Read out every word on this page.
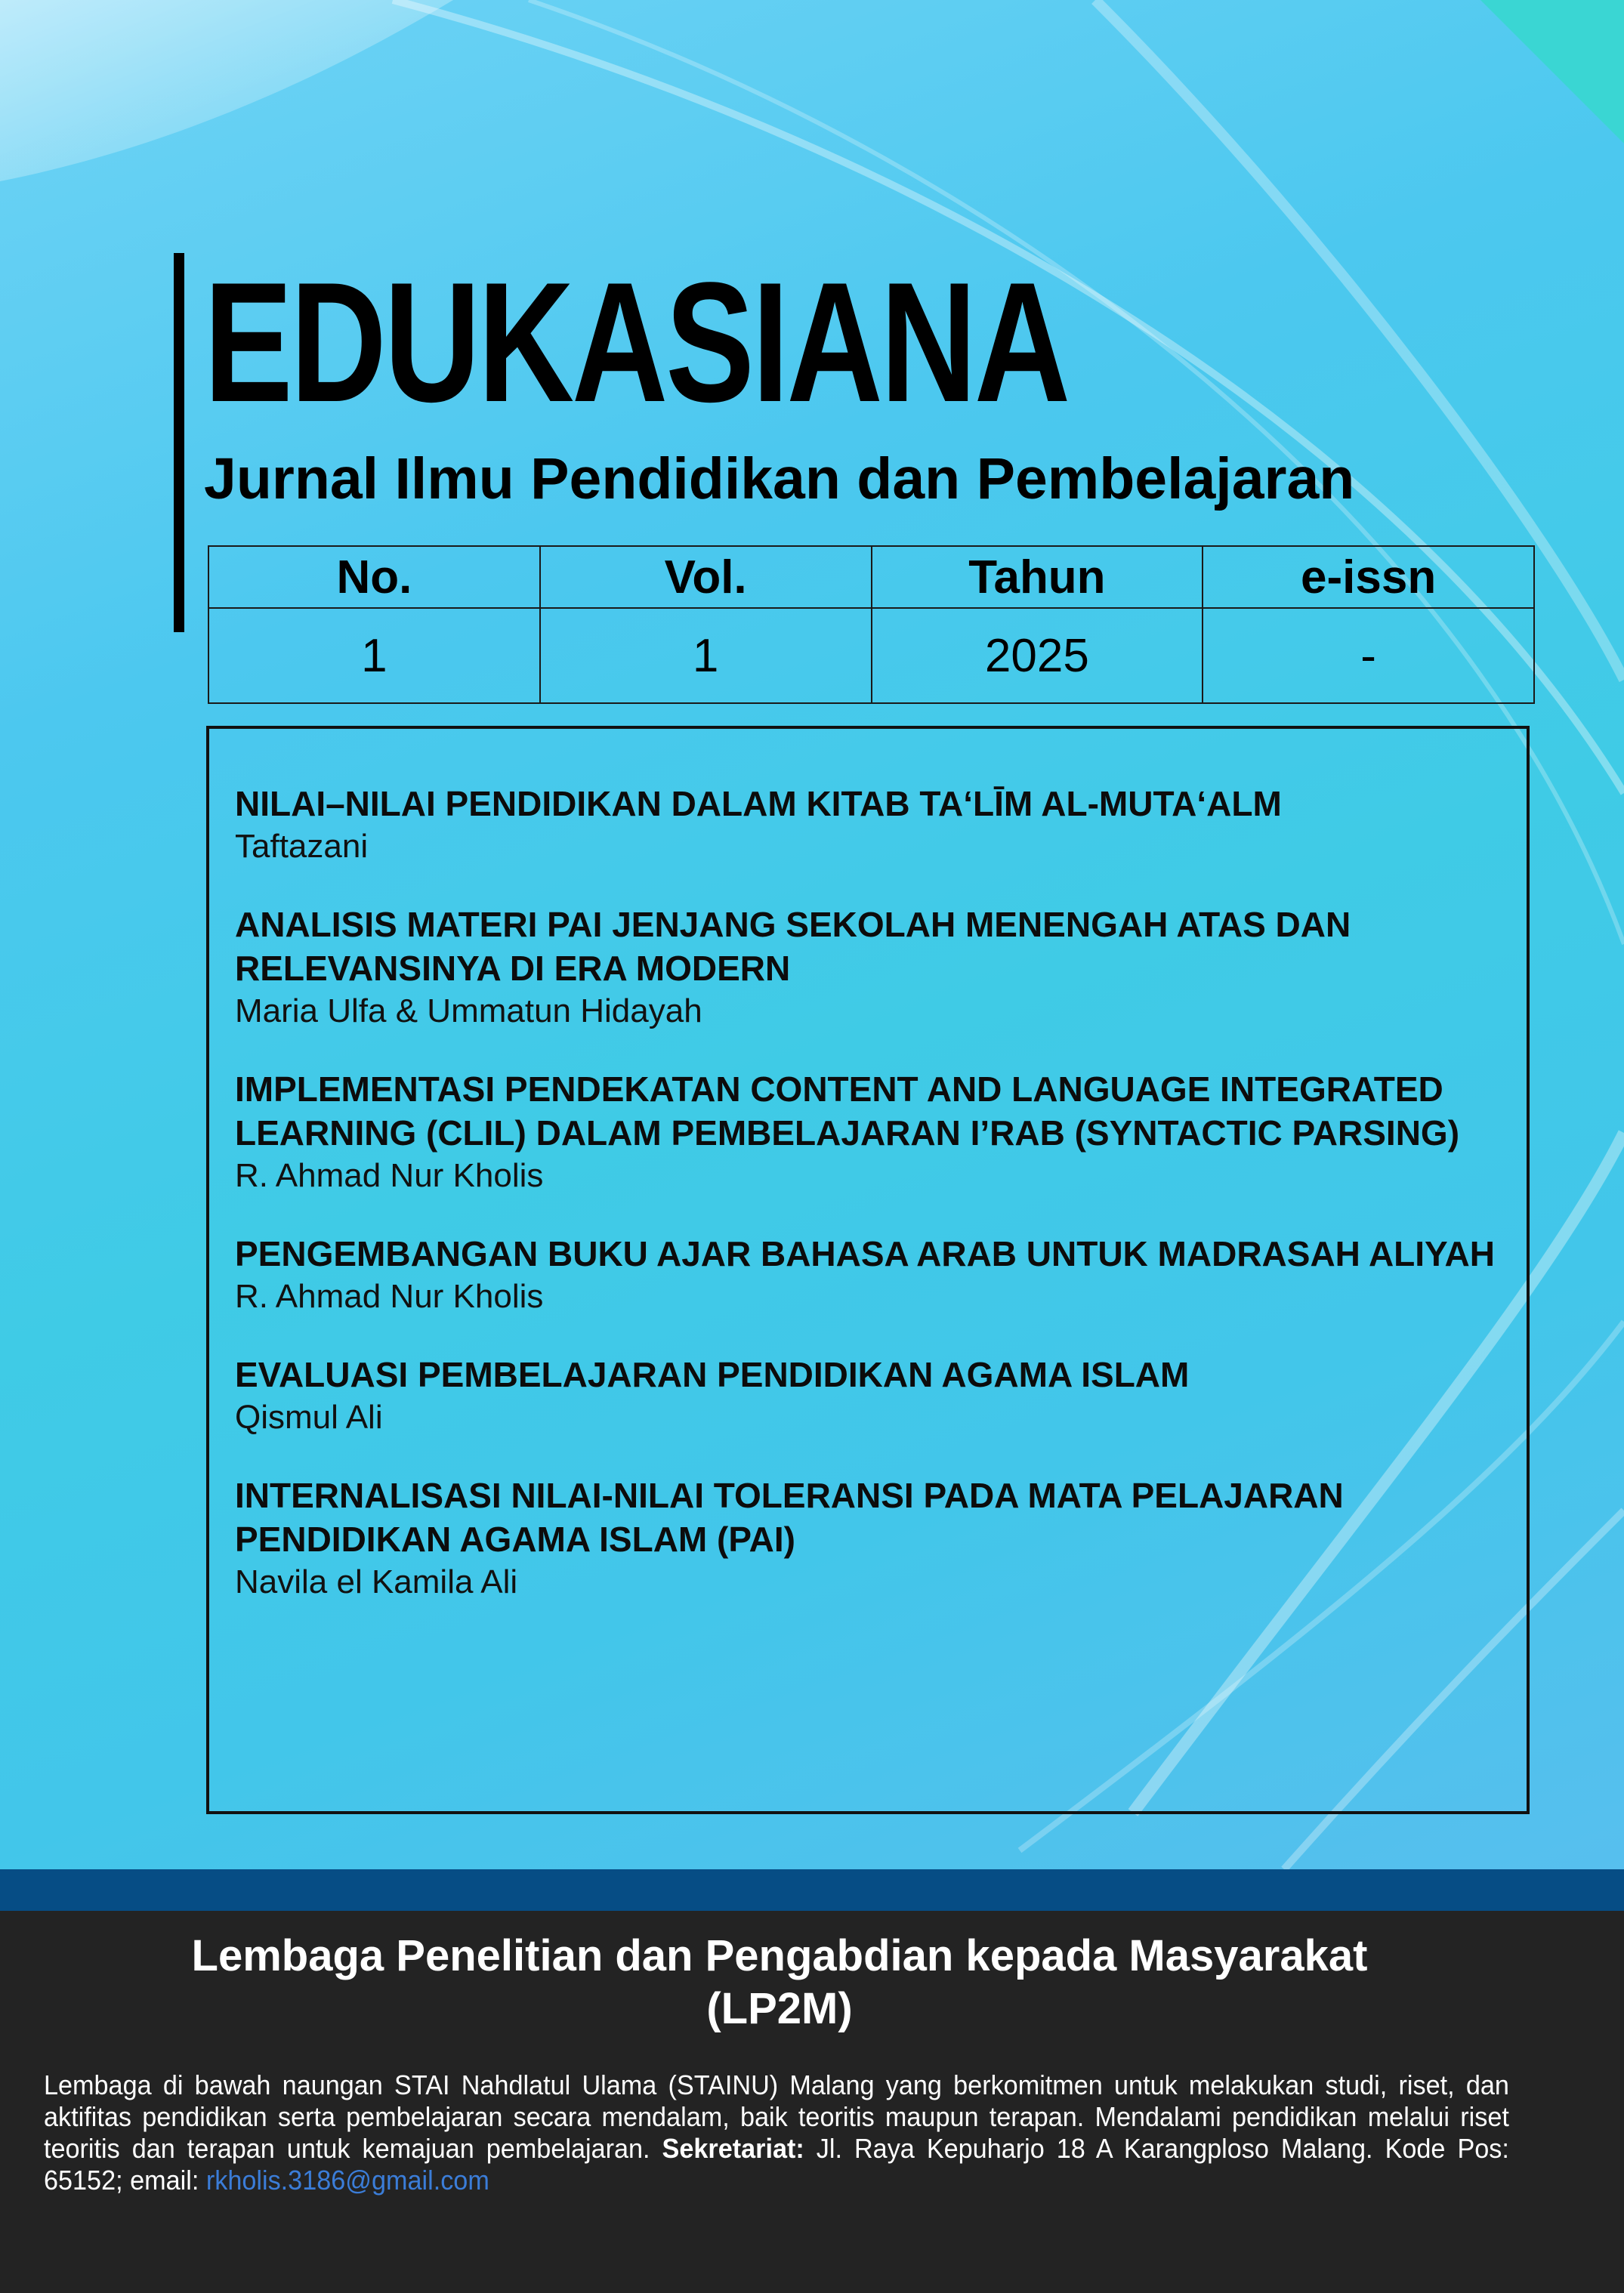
EDUKASIANA
Jurnal Ilmu Pendidikan dan Pembelajaran
No.	Vol.	Tahun	e-issn
1	1	2025	-
NILAI–NILAI PENDIDIKAN DALAM KITAB TA‘LĪM AL-MUTA‘ALM
Taftazani
ANALISIS MATERI PAI JENJANG SEKOLAH MENENGAH ATAS DAN RELEVANSINYA DI ERA MODERN
Maria Ulfa & Ummatun Hidayah
IMPLEMENTASI PENDEKATAN CONTENT AND LANGUAGE INTEGRATED LEARNING (CLIL) DALAM PEMBELAJARAN I’RAB (SYNTACTIC PARSING)
R. Ahmad Nur Kholis
PENGEMBANGAN BUKU AJAR BAHASA ARAB UNTUK MADRASAH ALIYAH
R. Ahmad Nur Kholis
EVALUASI PEMBELAJARAN PENDIDIKAN AGAMA ISLAM
Qismul Ali
INTERNALISASI NILAI-NILAI TOLERANSI PADA MATA PELAJARAN PENDIDIKAN AGAMA ISLAM (PAI)
Navila el Kamila Ali
Lembaga Penelitian dan Pengabdian kepada Masyarakat
(LP2M)
Lembaga di bawah naungan STAI Nahdlatul Ulama (STAINU) Malang yang berkomitmen untuk melakukan studi, riset, dan aktifitas pendidikan serta pembelajaran secara mendalam, baik teoritis maupun terapan. Mendalami pendidikan melalui riset teoritis dan terapan untuk kemajuan pembelajaran. Sekretariat: Jl. Raya Kepuharjo 18 A Karangploso Malang. Kode Pos: 65152; email: rkholis.3186@gmail.com
